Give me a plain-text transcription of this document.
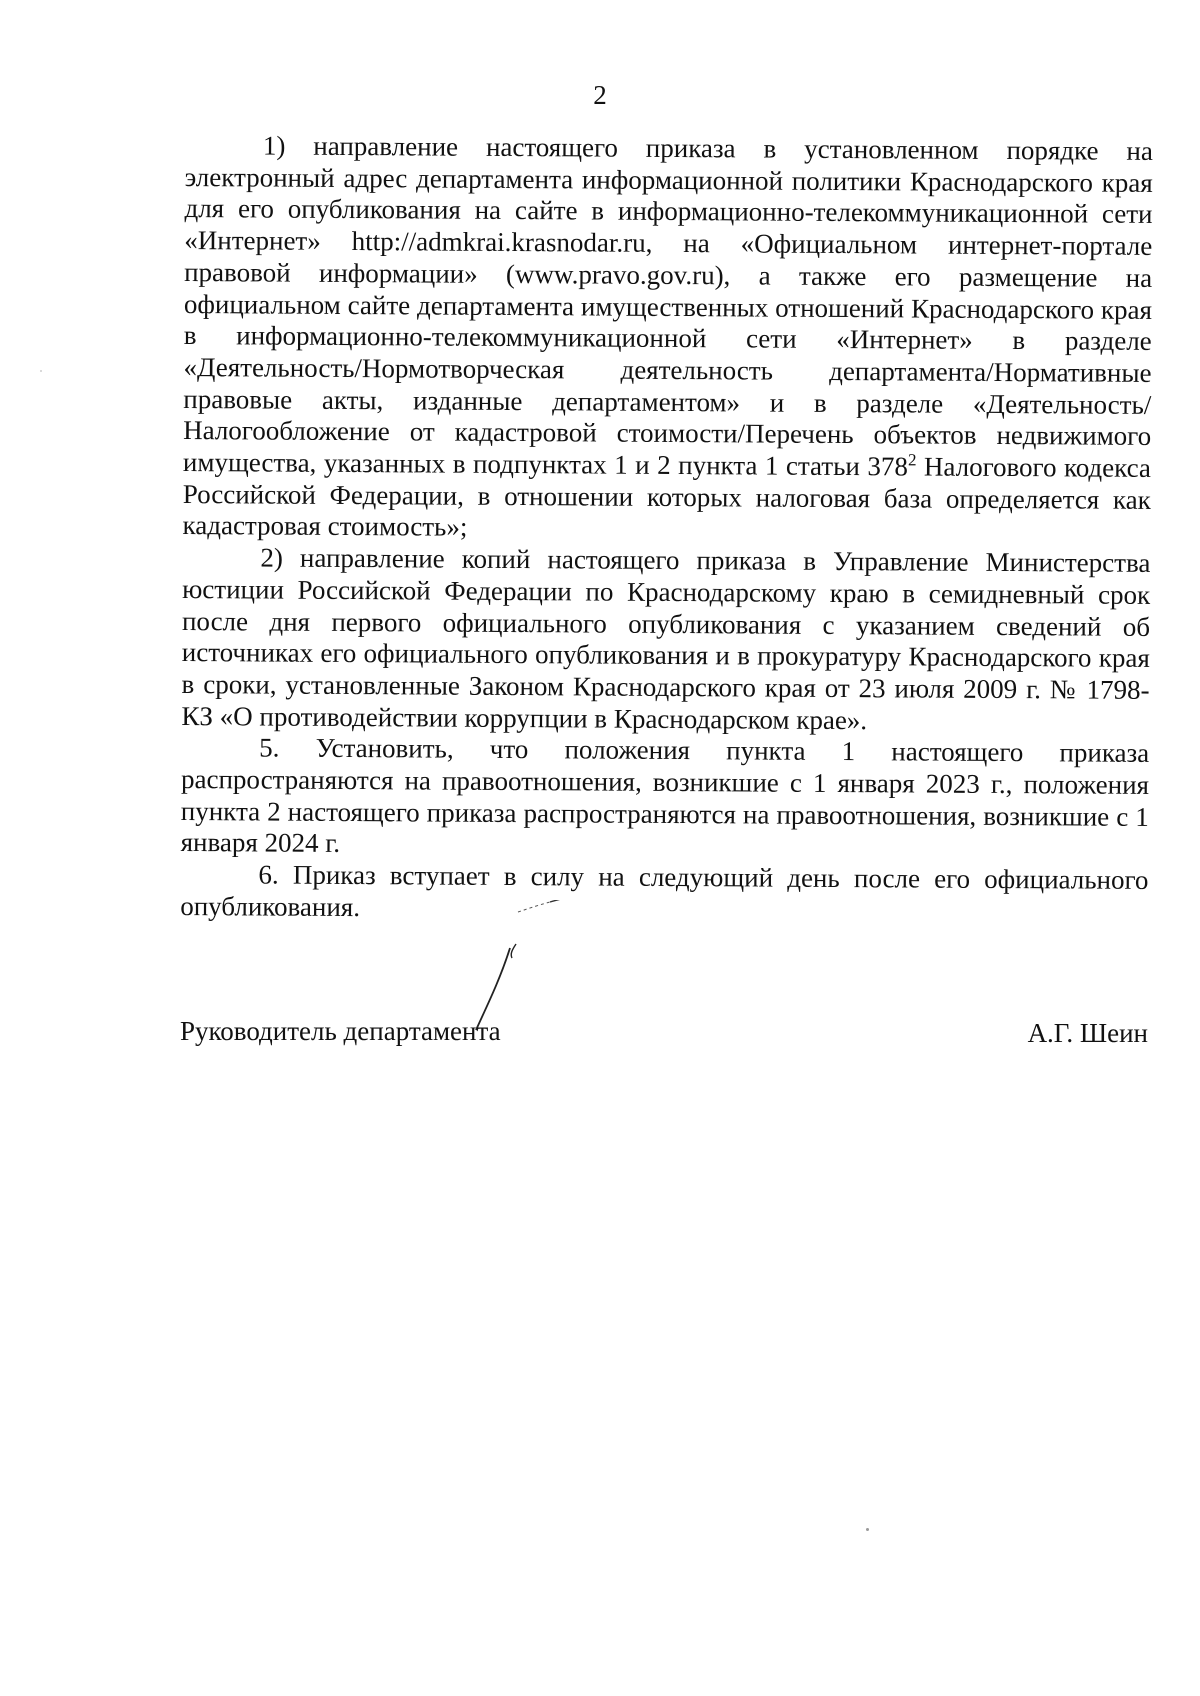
2

1) направление настоящего приказа в установленном порядке на электронный адрес департамента информационной политики Краснодарского края для его опубликования на сайте в информационно-телекоммуникационной сети «Интернет» http://admkrai.krasnodar.ru, на «Официальном интернет-портале правовой информации» (www.pravo.gov.ru), а также его размещение на официальном сайте департамента имущественных отношений Краснодарского края в информационно-телекоммуникационной сети «Интернет» в разделе «Деятельность/Нормотворческая деятельность департамента/Нормативные правовые акты, изданные департаментом» и в разделе «Деятельность/ Налогообложение от кадастровой стоимости/Перечень объектов недвижимого имущества, указанных в подпунктах 1 и 2 пункта 1 статьи $378^2$ Налогового кодекса Российской Федерации, в отношении которых налоговая база определяется как кадастровая стоимость»;

2) направление копий настоящего приказа в Управление Министерства юстиции Российской Федерации по Краснодарскому краю в семидневный срок после дня первого официального опубликования с указанием сведений об источниках его официального опубликования и в прокуратуру Краснодарского края в сроки, установленные Законом Краснодарского края от 23 июля 2009 г. № 1798-КЗ «О противодействии коррупции в Краснодарском крае».

5. Установить, что положения пункта 1 настоящего приказа распространяются на правоотношения, возникшие с 1 января 2023 г., положения пункта 2 настоящего приказа распространяются на правоотношения, возникшие с 1 января 2024 г.

6. Приказ вступает в силу на следующий день после его официального опубликования.

Руководитель департамента	А.Г. Шеин
